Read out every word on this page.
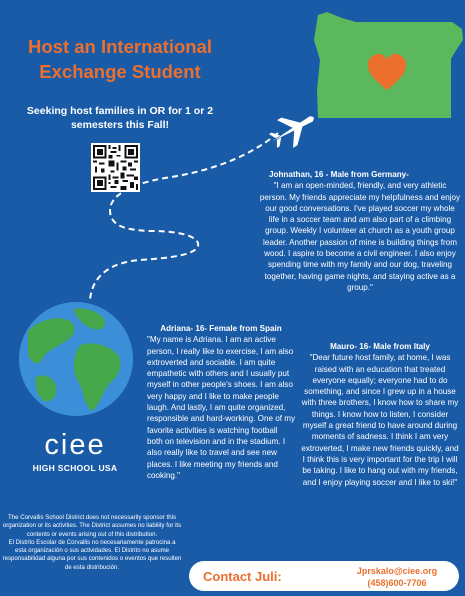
Host an International
Exchange Student
Seeking host families in OR for 1 or 2
semesters this Fall!
Johnathan, 16 - Male from Germany-
"I am an open-minded, friendly, and very athletic person. My friends appreciate my helpfulness and enjoy our good conversations. I've played soccer my whole life in a soccer team and am also part of a climbing group. Weekly I volunteer at church as a youth group leader. Another passion of mine is building things from wood. I aspire to become a civil engineer. I also enjoy spending time with my family and our dog, traveling together, having game nights, and staying active as a group."
Adriana- 16- Female from Spain
"My name is Adriana. I am an active person, I really like to exercise, I am also extroverted and sociable. I am quite empathetic with others and I usually put myself in other people's shoes. I am also very happy and I like to make people laugh. And lastly, I am quite organized, responsible and hard-working. One of my favorite activities is watching football both on television and in the stadium. I also really like to travel and see new places. I like meeting my friends and cooking."
Mauro- 16- Male from Italy
"Dear future host family, at home, I was raised with an education that treated everyone equally; everyone had to do something, and since I grew up in a house with three brothers, I know how to share my things. I know how to listen, I consider myself a great friend to have around during moments of sadness. I think I am very extroverted, I make new friends quickly, and I think this is very important for the trip I will be taking. I like to hang out with my friends, and I enjoy playing soccer and I like to ski!"
ciee
HIGH SCHOOL USA
The Corvallis School District does not necessarily sponsor this organization or its activities. The District assumes no liability for its contents or events arising out of this distribution.
El Distrito Escolar de Corvallis no necesariamente patrocina a esta organización o sus actividades. El Distrito no asume responsabilidad alguna por sus contenidos o eventos que resulten de esta distribución.
Contact Juli:	Jprskalo@ciee.org
(458)600-7706
